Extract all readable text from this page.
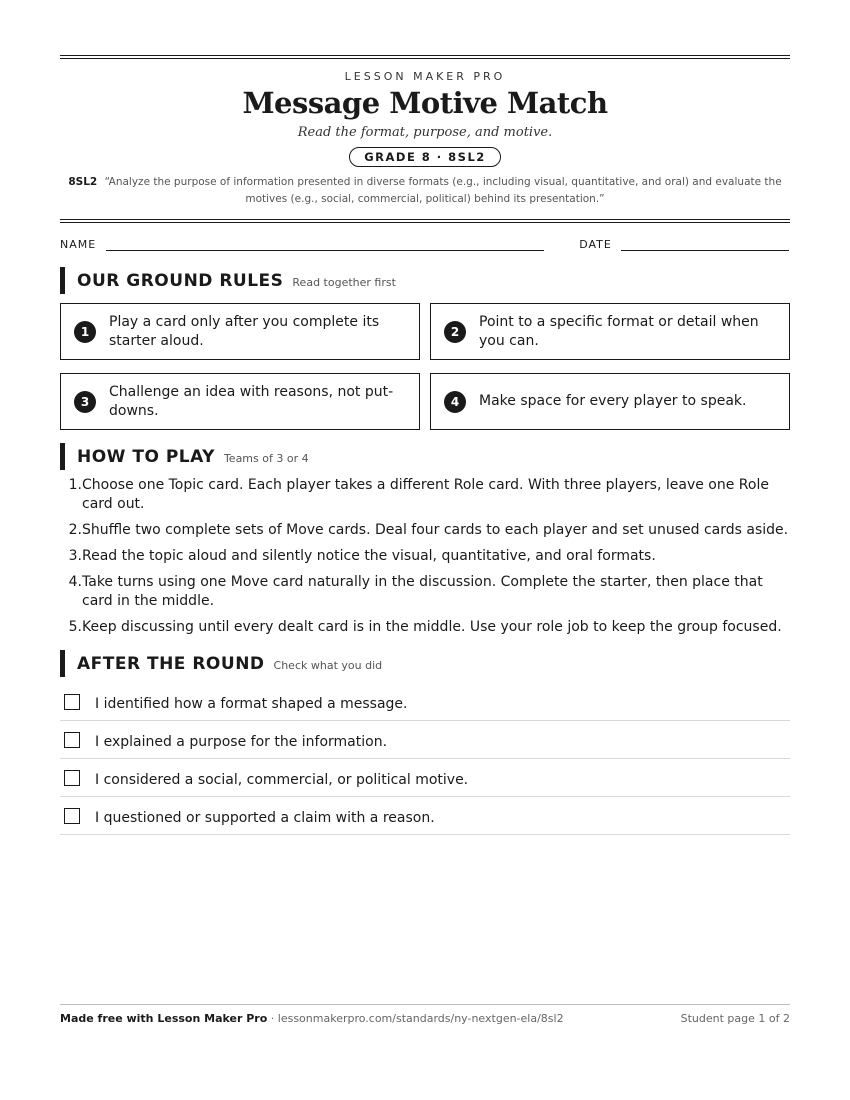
LESSON MAKER PRO
Message Motive Match
Read the format, purpose, and motive.
GRADE 8 · 8SL2
8SL2 “Analyze the purpose of information presented in diverse formats (e.g., including visual, quantitative, and oral) and evaluate the motives (e.g., social, commercial, political) behind its presentation.”
NAME	DATE
OUR GROUND RULES Read together first
1
Play a card only after you complete its starter aloud.
2
Point to a specific format or detail when you can.
3
Challenge an idea with reasons, not put-downs.
4	Make space for every player to speak.
HOW TO PLAY Teams of 3 or 4
1. Choose one Topic card. Each player takes a different Role card. With three players, leave one Role card out.
2. Shuffle two complete sets of Move cards. Deal four cards to each player and set unused cards aside.
3. Read the topic aloud and silently notice the visual, quantitative, and oral formats.
4. Take turns using one Move card naturally in the discussion. Complete the starter, then place that card in the middle.
5. Keep discussing until every dealt card is in the middle. Use your role job to keep the group focused.
AFTER THE ROUND Check what you did
I identified how a format shaped a message.
I explained a purpose for the information.
I considered a social, commercial, or political motive.
I questioned or supported a claim with a reason.
Made free with Lesson Maker Pro · lessonmakerpro.com/standards/ny-nextgen-ela/8sl2	Student page 1 of 2
